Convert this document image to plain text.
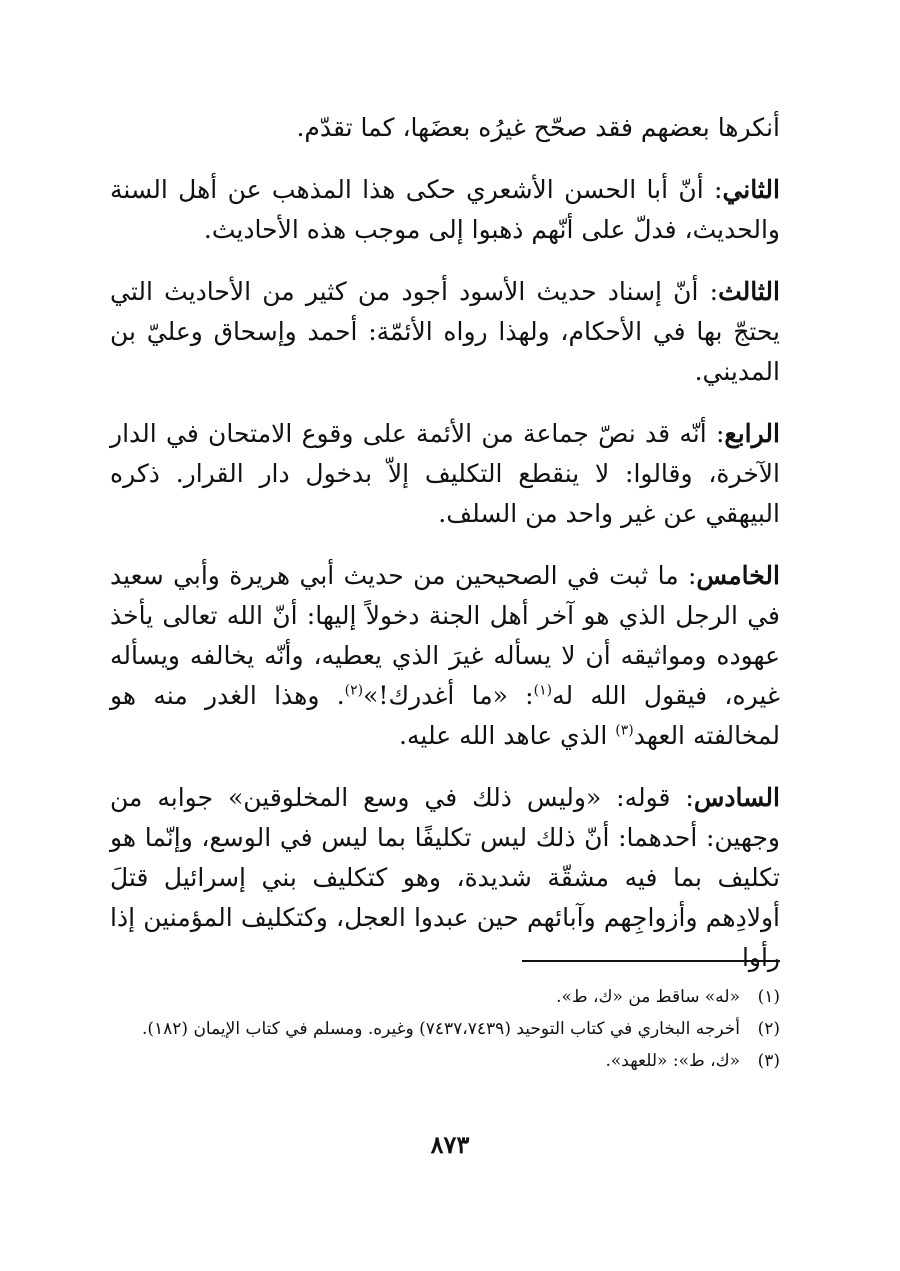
أنكرها بعضهم فقد صحّح غيرُه بعضَها، كما تقدّم.

الثاني: أنّ أبا الحسن الأشعري حكى هذا المذهب عن أهل السنة والحديث، فدلّ على أنّهم ذهبوا إلى موجب هذه الأحاديث.

الثالث: أنّ إسناد حديث الأسود أجود من كثير من الأحاديث التي يحتجّ بها في الأحكام، ولهذا رواه الأئمّة: أحمد وإسحاق وعليّ بن المديني.

الرابع: أنّه قد نصّ جماعة من الأئمة على وقوع الامتحان في الدار الآخرة، وقالوا: لا ينقطع التكليف إلاّ بدخول دار القرار. ذكره البيهقي عن غير واحد من السلف.

الخامس: ما ثبت في الصحيحين من حديث أبي هريرة وأبي سعيد في الرجل الذي هو آخر أهل الجنة دخولاً إليها: أنّ الله تعالى يأخذ عهوده ومواثيقه أن لا يسأله غيرَ الذي يعطيه، وأنّه يخالفه ويسأله غيره، فيقول الله له$^{(١)}$: «ما أغدرك!»$^{(٢)}$. وهذا الغدر منه هو لمخالفته العهد$^{(٣)}$ الذي عاهد الله عليه.

السادس: قوله: «وليس ذلك في وسع المخلوقين» جوابه من وجهين: أحدهما: أنّ ذلك ليس تكليفًا بما ليس في الوسع، وإنّما هو تكليف بما فيه مشقّة شديدة، وهو كتكليف بني إسرائيل قتلَ أولادِهم وأزواجِهم وآبائهم حين عبدوا العجل، وكتكليف المؤمنين إذا رأوا

(١)
«له» ساقط من «ك، ط».
(٢)
أخرجه البخاري في كتاب التوحيد (٧٤٣٧،٧٤٣٩) وغيره. ومسلم في كتاب الإيمان (١٨٢).
(٣)
«ك، ط»: «للعهد».
٨٧٣
